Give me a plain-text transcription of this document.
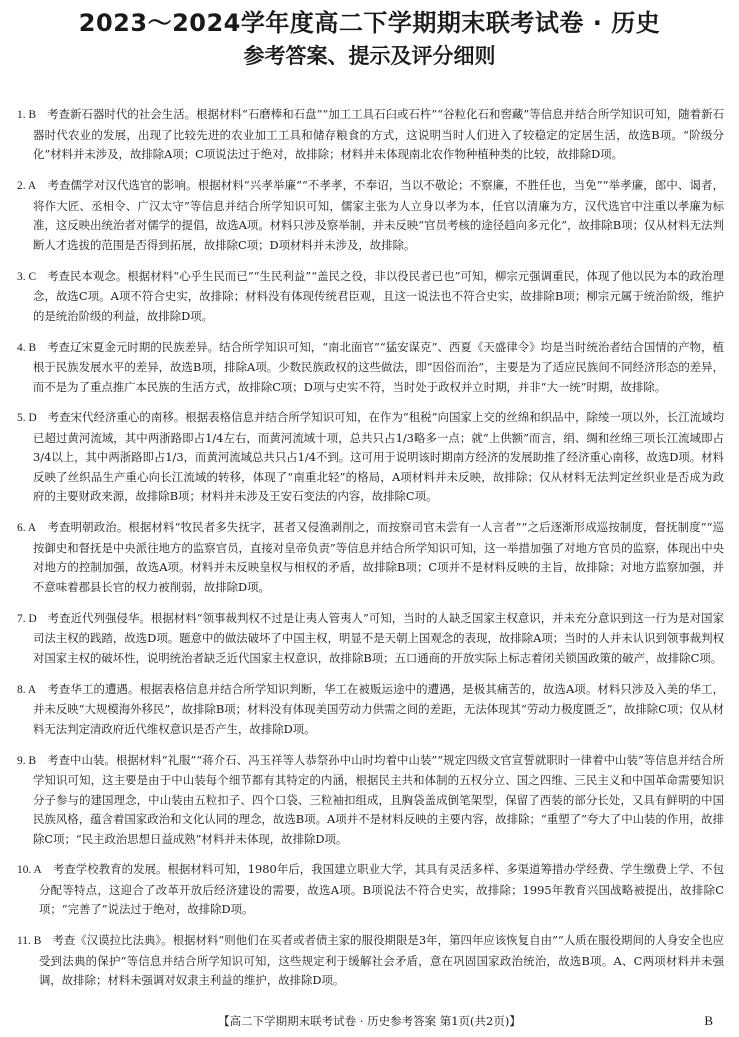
2023～2024学年度高二下学期期末联考试卷 · 历史
参考答案、提示及评分细则

1. B 考查新石器时代的社会生活。根据材料“石磨棒和石盘”“加工工具石臼或石杵”“谷粒化石和窖藏”等信息并结合所学知识可知，随着新石器时代农业的发展，出现了比较先进的农业加工工具和储存粮食的方式，这说明当时人们进入了较稳定的定居生活，故选B项。“阶级分化”材料并未涉及，故排除A项；C项说法过于绝对，故排除；材料并未体现南北农作物种植种类的比较，故排除D项。

2. A 考查儒学对汉代选官的影响。根据材料“兴孝举廉”“不孝孝，不奉诏，当以不敬论；不察廉，不胜任也，当免”“举孝廉，郎中、谒者，将作大匠、丞相令、广汉太守”等信息并结合所学知识可知，儒家主张为人立身以孝为本，任官以清廉为方，汉代选官中注重以孝廉为标准，这反映出统治者对儒学的提倡，故选A项。材料只涉及察举制，并未反映“官员考核的途径趋向多元化”，故排除B项；仅从材料无法判断人才选拔的范围是否得到拓展，故排除C项；D项材料并未涉及，故排除。

3. C 考查民本观念。根据材料“心乎生民而已”“生民利益”“盖民之役，非以役民者已也”可知，柳宗元强调重民，体现了他以民为本的政治理念，故选C项。A项不符合史实，故排除；材料没有体现传统君臣观，且这一说法也不符合史实，故排除B项；柳宗元属于统治阶级，维护的是统治阶级的利益，故排除D项。

4. B 考查辽宋夏金元时期的民族差异。结合所学知识可知，“南北面官”“猛安谋克”、西夏《天盛律令》均是当时统治者结合国情的产物，植根于民族发展水平的差异，故选B项，排除A项。少数民族政权的这些做法，即“因俗而治”，主要是为了适应民族间不同经济形态的差异，而不是为了重点推广本民族的生活方式，故排除C项；D项与史实不符，当时处于政权并立时期，并非“大一统”时期，故排除。

5. D 考查宋代经济重心的南移。根据表格信息并结合所学知识可知，在作为“租税”向国家上交的丝绵和织品中，除绫一项以外，长江流域均已超过黄河流域，其中两浙路即占1/4左右，而黄河流域十项，总共只占1/3略多一点；就“上供额”而言，绢、绸和丝绵三项长江流域即占3/4以上，其中两浙路即占1/3，而黄河流域总共只占1/4不到。这可用于说明该时期南方经济的发展助推了经济重心南移，故选D项。材料反映了丝织品生产重心向长江流域的转移，体现了“南重北轻”的格局，A项材料并未反映，故排除；仅从材料无法判定丝织业是否成为政府的主要财政来源，故排除B项；材料并未涉及王安石变法的内容，故排除C项。

6. A 考查明朝政治。根据材料“牧民者多失抚字，甚者又侵渔剥削之，而按察司官未尝有一人言者”“之后逐渐形成巡按制度，督抚制度”“巡按御史和督抚是中央派往地方的监察官员，直接对皇帝负责”等信息并结合所学知识可知，这一举措加强了对地方官员的监察，体现出中央对地方的控制加强，故选A项。材料并未反映皇权与相权的矛盾，故排除B项；C项并不是材料反映的主旨，故排除；对地方监察加强，并不意味着郡县长官的权力被削弱，故排除D项。

7. D 考查近代列强侵华。根据材料“领事裁判权不过是让夷人管夷人”可知，当时的人缺乏国家主权意识，并未充分意识到这一行为是对国家司法主权的践踏，故选D项。题意中的做法破坏了中国主权，明显不是天朝上国观念的表现，故排除A项；当时的人并未认识到领事裁判权对国家主权的破坏性，说明统治者缺乏近代国家主权意识，故排除B项；五口通商的开放实际上标志着闭关锁国政策的破产，故排除C项。

8. A 考查华工的遭遇。根据表格信息并结合所学知识判断，华工在被贩运途中的遭遇，是极其痛苦的，故选A项。材料只涉及入美的华工，并未反映“大规模海外移民”，故排除B项；材料没有体现美国劳动力供需之间的差距，无法体现其“劳动力极度匮乏”，故排除C项；仅从材料无法判定清政府近代维权意识是否产生，故排除D项。

9. B 考查中山装。根据材料“礼服”“蒋介石、冯玉祥等人恭祭孙中山时均着中山装”“规定四级文官宣誓就职时一律着中山装”等信息并结合所学知识可知，这主要是由于中山装每个细节都有其特定的内涵，根据民主共和体制的五权分立、国之四维、三民主义和中国革命需要知识分子参与的建国理念，中山装由五粒扣子、四个口袋、三粒袖扣组成，且胸袋盖成倒笔架型，保留了西装的部分长处，又具有鲜明的中国民族风格，蕴含着国家政治和文化认同的理念，故选B项。A项并不是材料反映的主要内容，故排除；“重塑了”夸大了中山装的作用，故排除C项；“民主政治思想日益成熟”材料并未体现，故排除D项。

10. A 考查学校教育的发展。根据材料可知，1980年后，我国建立职业大学，其具有灵活多样、多渠道筹措办学经费、学生缴费上学、不包分配等特点，这迎合了改革开放后经济建设的需要，故选A项。B项说法不符合史实，故排除；1995年教育兴国战略被提出，故排除C项；“完善了”说法过于绝对，故排除D项。

11. B 考查《汉谟拉比法典》。根据材料“则他们在买者或者债主家的服役期限是3年，第四年应该恢复自由”“人质在服役期间的人身安全也应受到法典的保护”等信息并结合所学知识可知，这些规定利于缓解社会矛盾，意在巩固国家政治统治，故选B项。A、C两项材料并未强调，故排除；材料未强调对奴隶主利益的维护，故排除D项。

【高二下学期期末联考试卷 · 历史参考答案 第1页(共2页)】	B
